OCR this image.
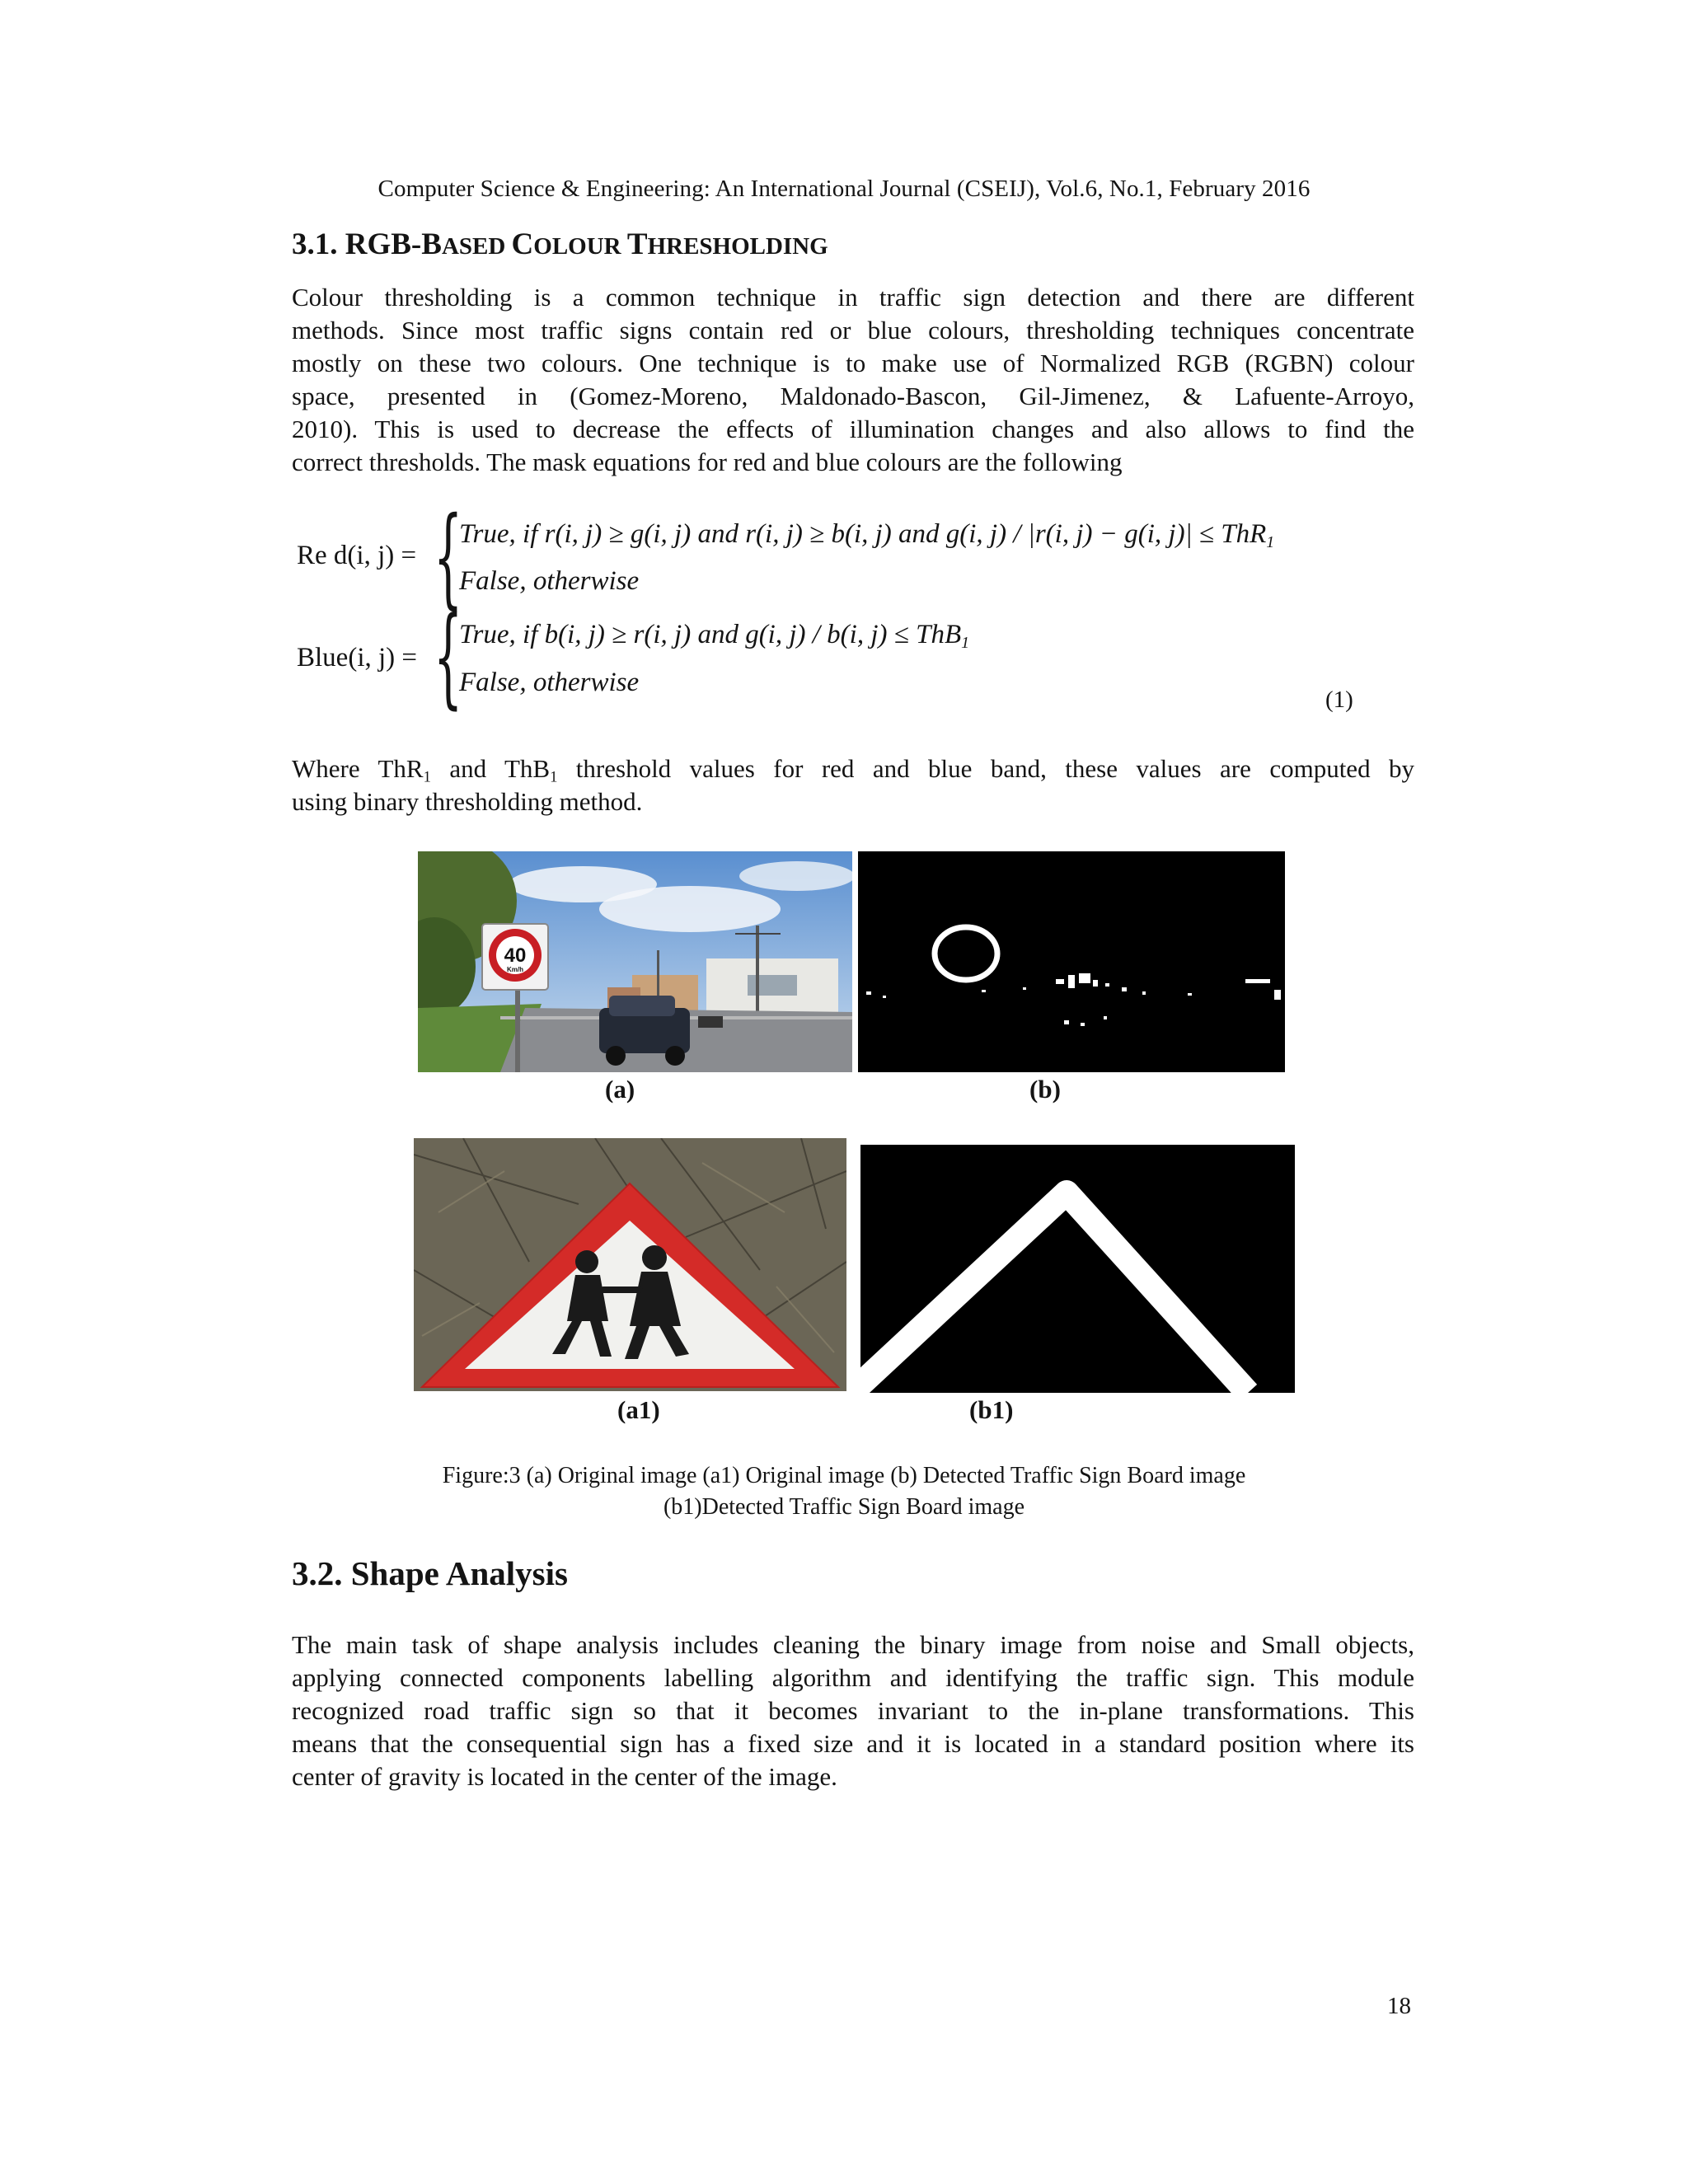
Computer Science & Engineering: An International Journal (CSEIJ), Vol.6, No.1, February 2016
3.1. RGB-BASED COLOUR THRESHOLDING

Colour thresholding is a common technique in traffic sign detection and there are different

methods. Since most traffic signs contain red or blue colours, thresholding techniques concentrate

mostly on these two colours. One technique is to make use of Normalized RGB (RGBN) colour

space, presented in (Gomez-Moreno, Maldonado-Bascon, Gil-Jimenez, & Lafuente-Arroyo,

2010). This is used to decrease the effects of illumination changes and also allows to find the

correct thresholds. The mask equations for red and blue colours are the following

Re d(i, j) = {
True, if r(i, j) ≥ g(i, j) and r(i, j) ≥ b(i, j) and g(i, j) / |r(i, j) − g(i, j)| ≤ ThR$_1$
False, otherwise
Blue(i, j) = {
True, if b(i, j) ≥ r(i, j) and g(i, j) / b(i, j) ≤ ThB$_1$
False, otherwise
(1)

Where ThR$_1$ and ThB$_1$ threshold values for red and blue band, these values are computed by

using binary thresholding method.

40
Km/h
(a)	(b)
(a1)	(b1)
Figure:3 (a) Original image (a1) Original image (b) Detected Traffic Sign Board image
(b1)Detected Traffic Sign Board image
3.2. Shape Analysis

The main task of shape analysis includes cleaning the binary image from noise and Small objects,

applying connected components labelling algorithm and identifying the traffic sign. This module

recognized road traffic sign so that it becomes invariant to the in-plane transformations. This

means that the consequential sign has a fixed size and it is located in a standard position where its

center of gravity is located in the center of the image.

18
